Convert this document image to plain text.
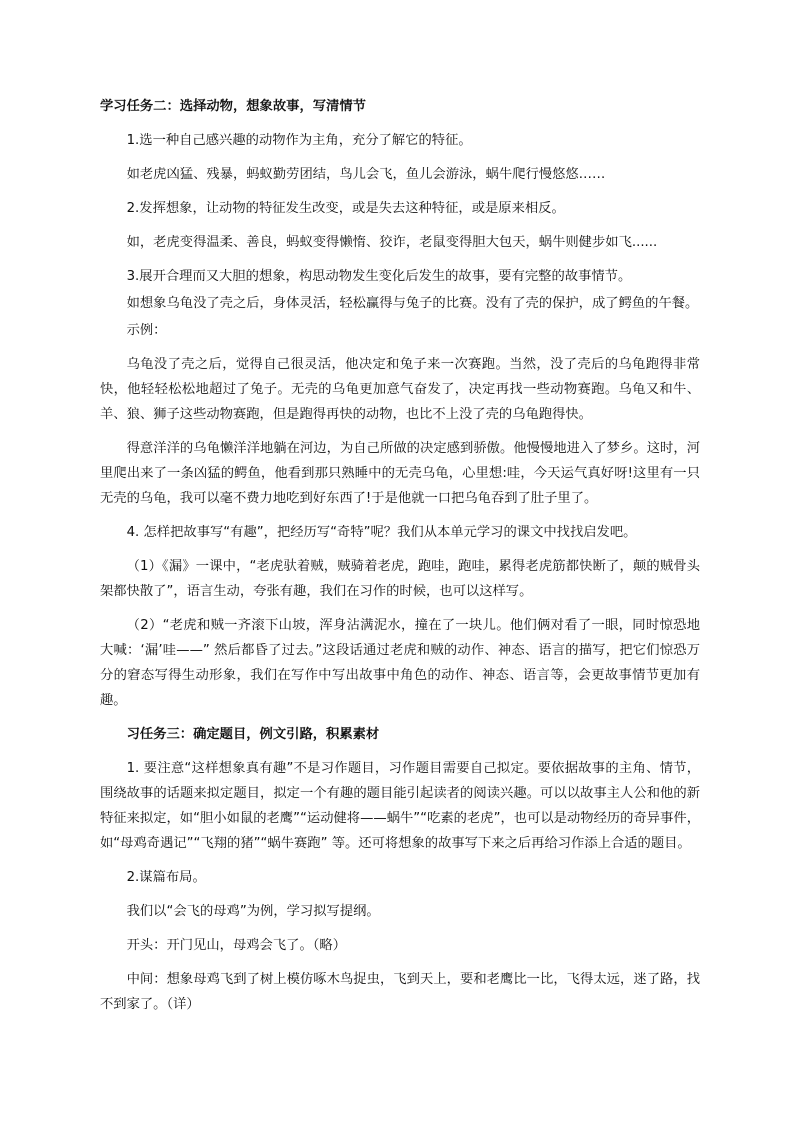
学习任务二：选择动物，想象故事，写清情节
1.选一种自己感兴趣的动物作为主角，充分了解它的特征。
如老虎凶猛、残暴，蚂蚁勤劳团结，鸟儿会飞，鱼儿会游泳，蜗牛爬行慢悠悠……
2.发挥想象，让动物的特征发生改变，或是失去这种特征，或是原来相反。
如，老虎变得温柔、善良，蚂蚁变得懒惰、狡诈，老鼠变得胆大包天，蜗牛则健步如飞......
3.展开合理而又大胆的想象，构思动物发生变化后发生的故事，要有完整的故事情节。
如想象乌龟没了壳之后，身体灵活，轻松赢得与兔子的比赛。没有了壳的保护，成了鳄鱼的午餐。
示例：
乌龟没了壳之后，觉得自己很灵活，他决定和兔子来一次赛跑。当然，没了壳后的乌龟跑得非常快，他轻轻松松地超过了兔子。无壳的乌龟更加意气奋发了，决定再找一些动物赛跑。乌龟又和牛、羊、狼、狮子这些动物赛跑，但是跑得再快的动物，也比不上没了壳的乌龟跑得快。
得意洋洋的乌龟懒洋洋地躺在河边，为自己所做的决定感到骄傲。他慢慢地进入了梦乡。这时，河里爬出来了一条凶猛的鳄鱼，他看到那只熟睡中的无壳乌龟，心里想:哇，今天运气真好呀!这里有一只无壳的乌龟，我可以毫不费力地吃到好东西了!于是他就一口把乌龟吞到了肚子里了。
4. 怎样把故事写“有趣”，把经历写“奇特”呢？我们从本单元学习的课文中找找启发吧。
（1）《漏》一课中，“老虎驮着贼，贼骑着老虎，跑哇，跑哇，累得老虎筋都快断了，颠的贼骨头架都快散了”，语言生动，夸张有趣，我们在习作的时候，也可以这样写。
（2）“老虎和贼一齐滚下山坡，浑身沾满泥水，撞在了一块儿。他们俩对看了一眼，同时惊恐地大喊：‘漏’哇——” 然后都昏了过去。”这段话通过老虎和贼的动作、神态、语言的描写，把它们惊恐万分的窘态写得生动形象，我们在写作中写出故事中角色的动作、神态、语言等，会更故事情节更加有趣。
习任务三：确定题目，例文引路，积累素材
1. 要注意“这样想象真有趣”不是习作题目，习作题目需要自己拟定。要依据故事的主角、情节，围绕故事的话题来拟定题目，拟定一个有趣的题目能引起读者的阅读兴趣。可以以故事主人公和他的新特征来拟定，如“胆小如鼠的老鹰”“运动健将——蜗牛”“吃素的老虎”，也可以是动物经历的奇异事件，如“母鸡奇遇记”“飞翔的猪”“蜗牛赛跑” 等。还可将想象的故事写下来之后再给习作添上合适的题目。
2.谋篇布局。
我们以“会飞的母鸡”为例，学习拟写提纲。
开头：开门见山，母鸡会飞了。（略）
中间：想象母鸡飞到了树上模仿啄木鸟捉虫，飞到天上，要和老鹰比一比，飞得太远，迷了路，找不到家了。（详）
